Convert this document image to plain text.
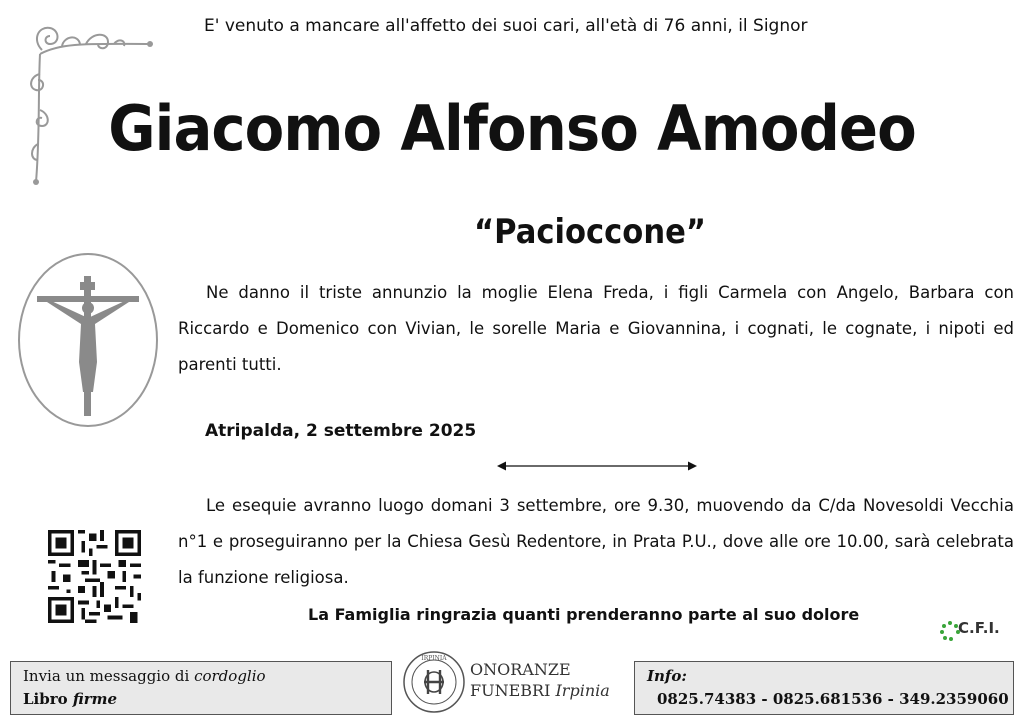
E' venuto a mancare all'affetto dei suoi cari, all'età di 76 anni, il Signor
Giacomo Alfonso Amodeo
“Pacioccone”
Ne danno il triste annunzio la moglie Elena Freda, i figli Carmela con Angelo, Barbara con Riccardo e Domenico con Vivian, le sorelle Maria e Giovannina, i cognati, le cognate, i nipoti ed parenti tutti.
Atripalda, 2 settembre 2025
Le esequie avranno luogo domani 3 settembre, ore 9.30, muovendo da C/da Novesoldi Vecchia n°1 e proseguiranno per la Chiesa Gesù Redentore, in Prata P.U., dove alle ore 10.00, sarà celebrata la funzione religiosa.
La Famiglia ringrazia quanti prenderanno parte al suo dolore
C.F.I.
Invia un messaggio di cordoglio
Libro firme
IRPINIA
ONORANZE
FUNEBRI Irpinia
Info:
0825.74383 - 0825.681536 - 349.2359060
